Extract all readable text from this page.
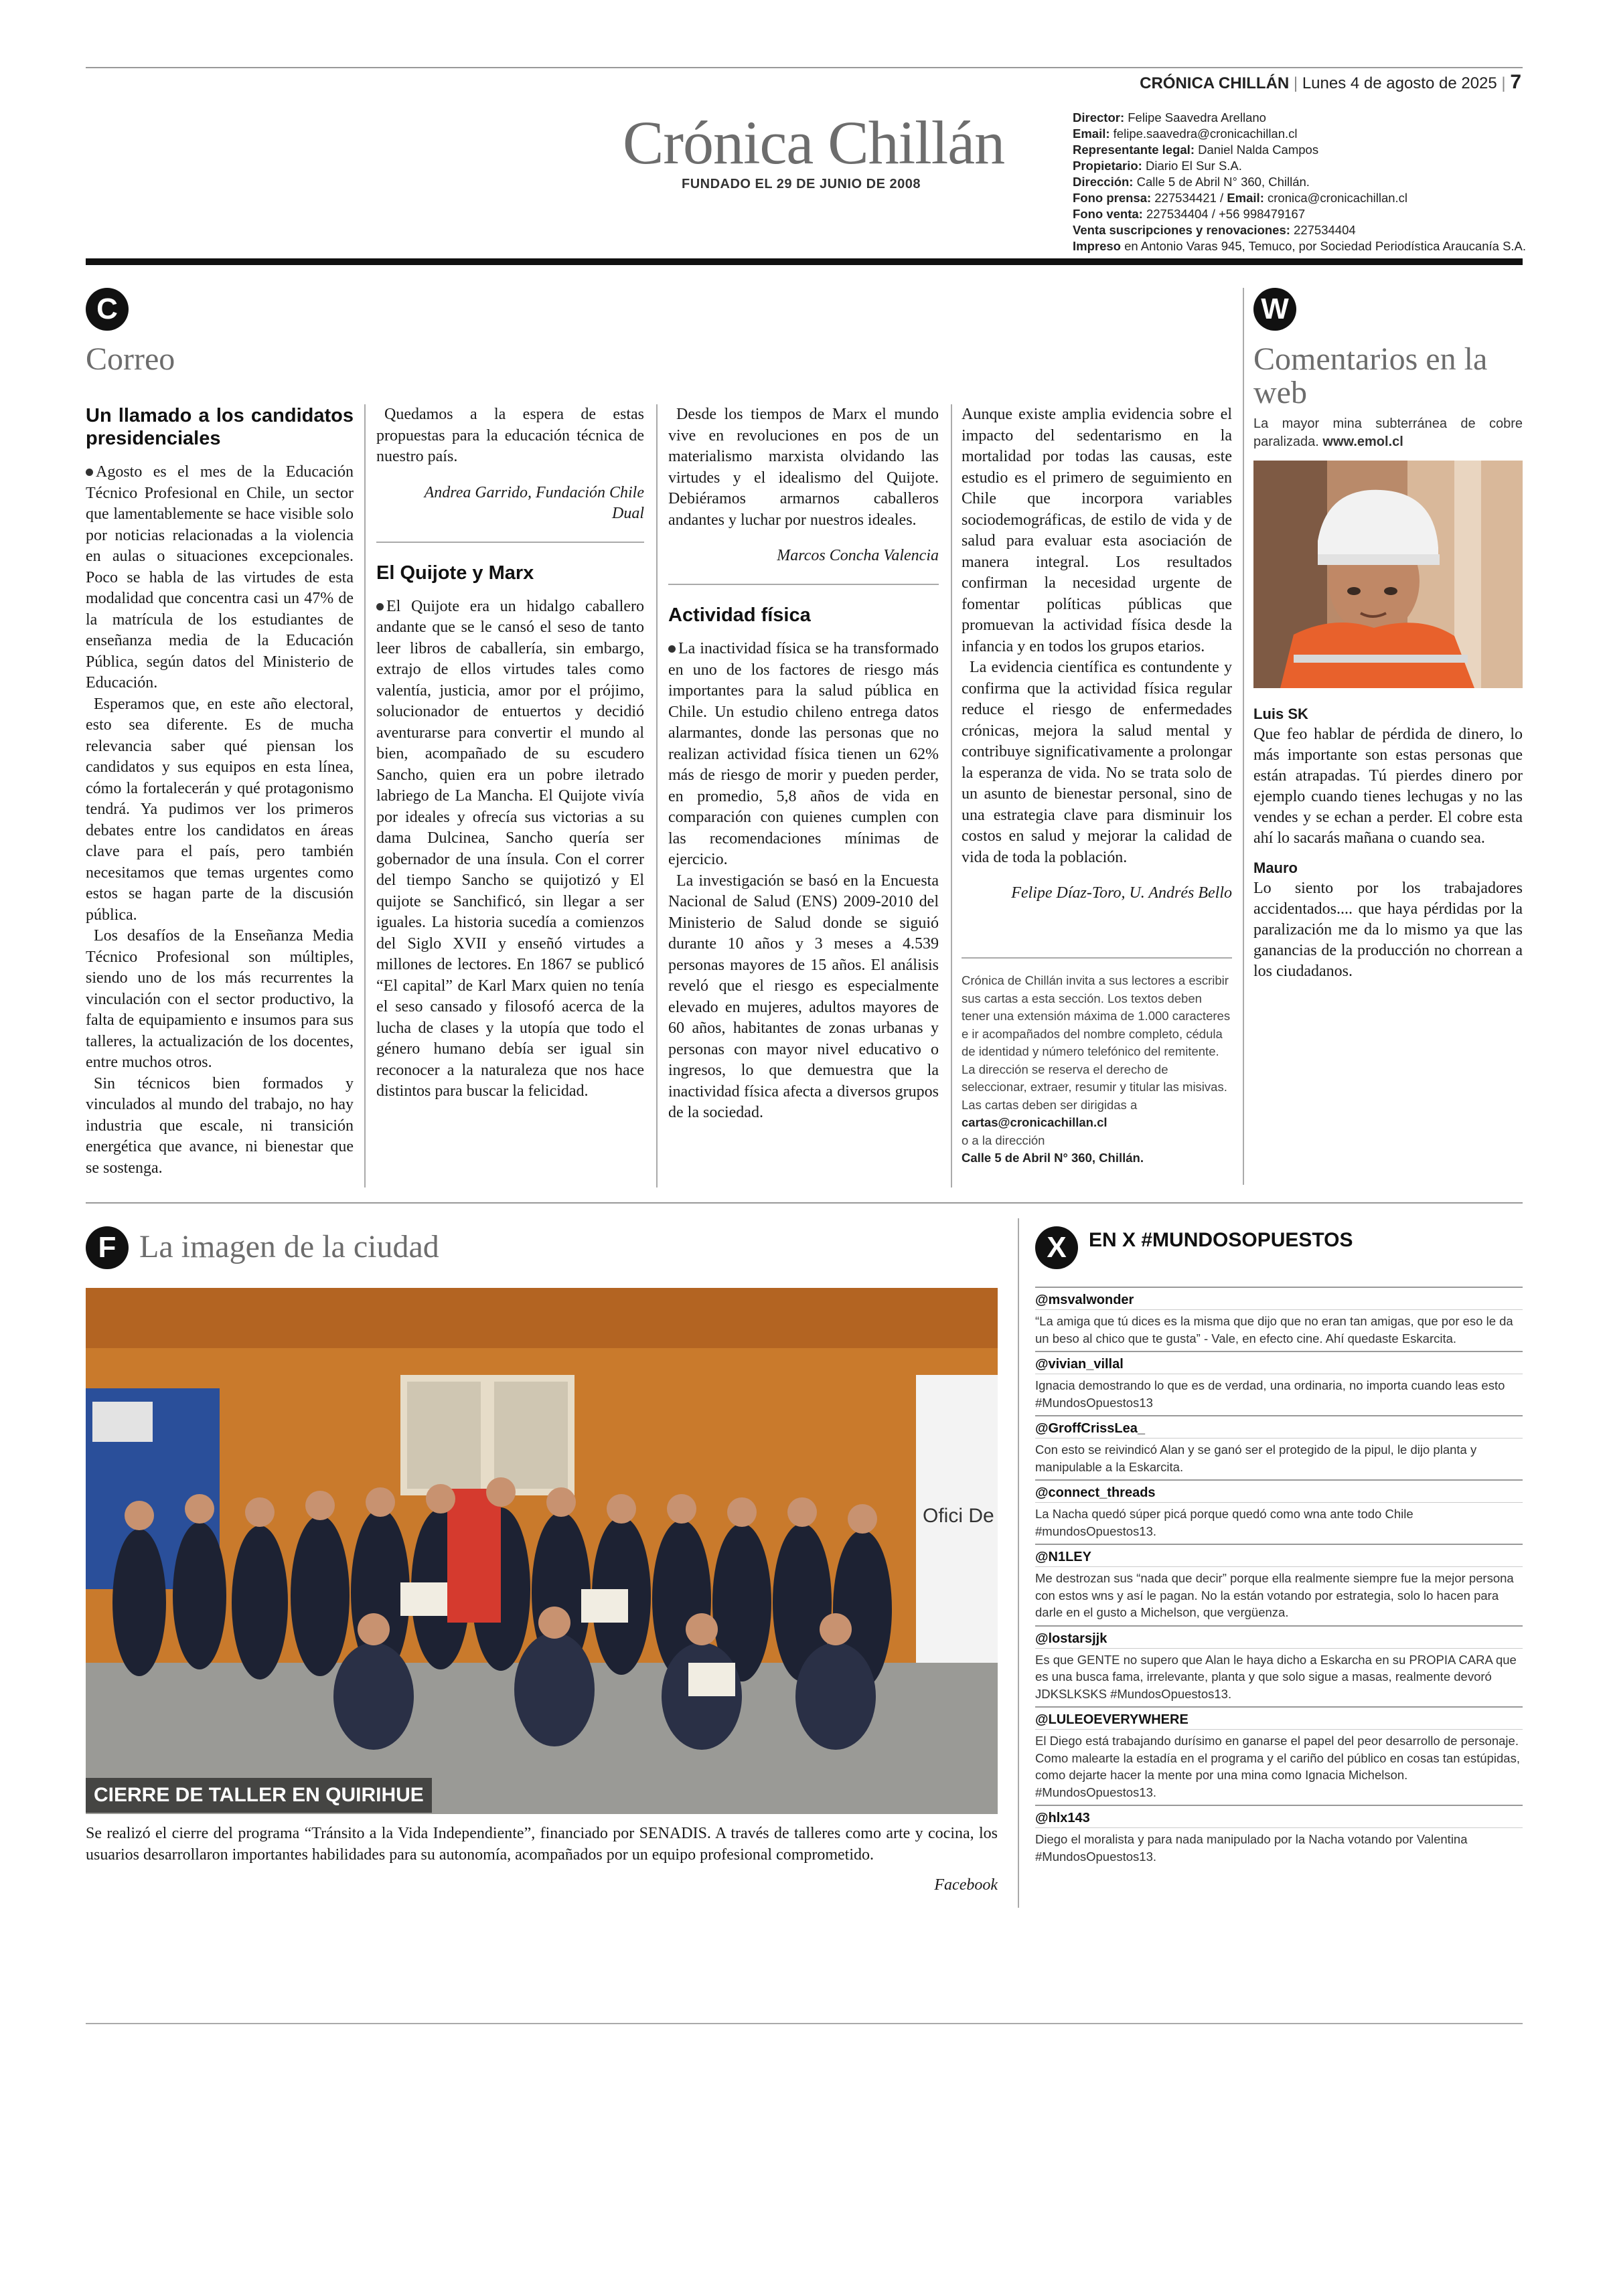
CRÓNICA CHILLÁN | Lunes 4 de agosto de 2025 | 7
Crónica Chillán
FUNDADO EL 29 DE JUNIO DE 2008
Director: Felipe Saavedra Arellano
Email: felipe.saavedra@cronicachillan.cl
Representante legal: Daniel Nalda Campos
Propietario: Diario El Sur S.A.
Dirección: Calle 5 de Abril N° 360, Chillán.
Fono prensa: 227534421 / Email: cronica@cronicachillan.cl
Fono venta: 227534404 / +56 998479167
Venta suscripciones y renovaciones: 227534404
Impreso en Antonio Varas 945, Temuco, por Sociedad Periodística Araucanía S.A.
C
Correo
Un llamado a los candidatos presidenciales

Agosto es el mes de la Educación Técnico Profesional en Chile, un sector que lamentablemente se hace visible solo por noticias relacionadas a la violencia en aulas o situaciones excepcionales. Poco se habla de las virtudes de esta modalidad que concentra casi un 47% de la matrícula de los estudiantes de enseñanza media de la Educación Pública, según datos del Ministerio de Educación.

Esperamos que, en este año electoral, esto sea diferente. Es de mucha relevancia saber qué piensan los candidatos y sus equipos en esta línea, cómo la fortalecerán y qué protagonismo tendrá. Ya pudimos ver los primeros debates entre los candidatos en áreas clave para el país, pero también necesitamos que temas urgentes como estos se hagan parte de la discusión pública.

Los desafíos de la Enseñanza Media Técnico Profesional son múltiples, siendo uno de los más recurrentes la vinculación con el sector productivo, la falta de equipamiento e insumos para sus talleres, la actualización de los docentes, entre muchos otros.

Sin técnicos bien formados y vinculados al mundo del trabajo, no hay industria que escale, ni transición energética que avance, ni bienestar que se sostenga.

Quedamos a la espera de estas propuestas para la educación técnica de nuestro país.

Andrea Garrido, Fundación Chile Dual
El Quijote y Marx

El Quijote era un hidalgo caballero andante que se le cansó el seso de tanto leer libros de caballería, sin embargo, extrajo de ellos virtudes tales como valentía, justicia, amor por el prójimo, solucionador de entuertos y decidió aventurarse para convertir el mundo al bien, acompañado de su escudero Sancho, quien era un pobre iletrado labriego de La Mancha. El Quijote vivía por ideales y ofrecía sus victorias a su dama Dulcinea, Sancho quería ser gobernador de una ínsula. Con el correr del tiempo Sancho se quijotizó y El quijote se Sanchificó, sin llegar a ser iguales. La historia sucedía a comienzos del Siglo XVII y enseñó virtudes a millones de lectores. En 1867 se publicó “El capital” de Karl Marx quien no tenía el seso cansado y filosofó acerca de la lucha de clases y la utopía que todo el género humano debía ser igual sin reconocer a la naturaleza que nos hace distintos para buscar la felicidad.

Desde los tiempos de Marx el mundo vive en revoluciones en pos de un materialismo marxista olvidando las virtudes y el idealismo del Quijote. Debiéramos armarnos caballeros andantes y luchar por nuestros ideales.

Marcos Concha Valencia
Actividad física

La inactividad física se ha transformado en uno de los factores de riesgo más importantes para la salud pública en Chile. Un estudio chileno entrega datos alarmantes, donde las personas que no realizan actividad física tienen un 62% más de riesgo de morir y pueden perder, en promedio, 5,8 años de vida en comparación con quienes cumplen con las recomendaciones mínimas de ejercicio.

La investigación se basó en la Encuesta Nacional de Salud (ENS) 2009-2010 del Ministerio de Salud donde se siguió durante 10 años y 3 meses a 4.539 personas mayores de 15 años. El análisis reveló que el riesgo es especialmente elevado en mujeres, adultos mayores de 60 años, habitantes de zonas urbanas y personas con mayor nivel educativo o ingresos, lo que demuestra que la inactividad física afecta a diversos grupos de la sociedad.

Aunque existe amplia evidencia sobre el impacto del sedentarismo en la mortalidad por todas las causas, este estudio es el primero de seguimiento en Chile que incorpora variables sociodemográficas, de estilo de vida y de salud para evaluar esta asociación de manera integral. Los resultados confirman la necesidad urgente de fomentar políticas públicas que promuevan la actividad física desde la infancia y en todos los grupos etarios.

La evidencia científica es contundente y confirma que la actividad física regular reduce el riesgo de enfermedades crónicas, mejora la salud mental y contribuye significativamente a prolongar la esperanza de vida. No se trata solo de un asunto de bienestar personal, sino de una estrategia clave para disminuir los costos en salud y mejorar la calidad de vida de toda la población.

Felipe Díaz-Toro, U. Andrés Bello
Crónica de Chillán invita a sus lectores a escribir sus cartas a esta sección. Los textos deben tener una extensión máxima de 1.000 caracteres e ir acompañados del nombre completo, cédula de identidad y número telefónico del remitente. La dirección se reserva el derecho de seleccionar, extraer, resumir y titular las misivas. Las cartas deben ser dirigidas a
cartas@cronicachillan.cl
o a la dirección
Calle 5 de Abril N° 360, Chillán.
W
Comentarios en la web
La mayor mina subterránea de cobre paralizada. www.emol.cl
Luis SK
Que feo hablar de pérdida de dinero, lo más importante son estas personas que están atrapadas. Tú pierdes dinero por ejemplo cuando tienes lechugas y no las vendes y se echan a perder. El cobre esta ahí lo sacarás mañana o cuando sea.
Mauro
Lo siento por los trabajadores accidentados.... que haya pérdidas por la paralización me da lo mismo ya que las ganancias de la producción no chorrean a los ciudadanos.
F La imagen de la ciudad
Ofici De
CIERRE DE TALLER EN QUIRIHUE
Se realizó el cierre del programa “Tránsito a la Vida Independiente”, financiado por SENADIS. A través de talleres como arte y cocina, los usuarios desarrollaron importantes habilidades para su autonomía, acompañados por un equipo profesional comprometido.
Facebook
X	EN X #MUNDOSOPUESTOS
@msvalwonder
“La amiga que tú dices es la misma que dijo que no eran tan amigas, que por eso le da un beso al chico que te gusta” - Vale, en efecto cine. Ahí quedaste Eskarcita.
@vivian_villal
Ignacia demostrando lo que es de verdad, una ordinaria, no importa cuando leas esto #MundosOpuestos13
@GroffCrissLea_
Con esto se reivindicó Alan y se ganó ser el protegido de la pipul, le dijo planta y manipulable a la Eskarcita.
@connect_threads
La Nacha quedó súper picá porque quedó como wna ante todo Chile #mundosOpuestos13.
@N1LEY
Me destrozan sus “nada que decir” porque ella realmente siempre fue la mejor persona con estos wns y así le pagan. No la están votando por estrategia, solo lo hacen para darle en el gusto a Michelson, que vergüenza.
@lostarsjjk
Es que GENTE no supero que Alan le haya dicho a Eskarcha en su PROPIA CARA que es una busca fama, irrelevante, planta y que solo sigue a masas, realmente devoró JDKSLKSKS #MundosOpuestos13.
@LULEOEVERYWHERE
El Diego está trabajando durísimo en ganarse el papel del peor desarrollo de personaje. Como malearte la estadía en el programa y el cariño del público en cosas tan estúpidas, como dejarte hacer la mente por una mina como Ignacia Michelson. #MundosOpuestos13.
@hlx143
Diego el moralista y para nada manipulado por la Nacha votando por Valentina #MundosOpuestos13.
